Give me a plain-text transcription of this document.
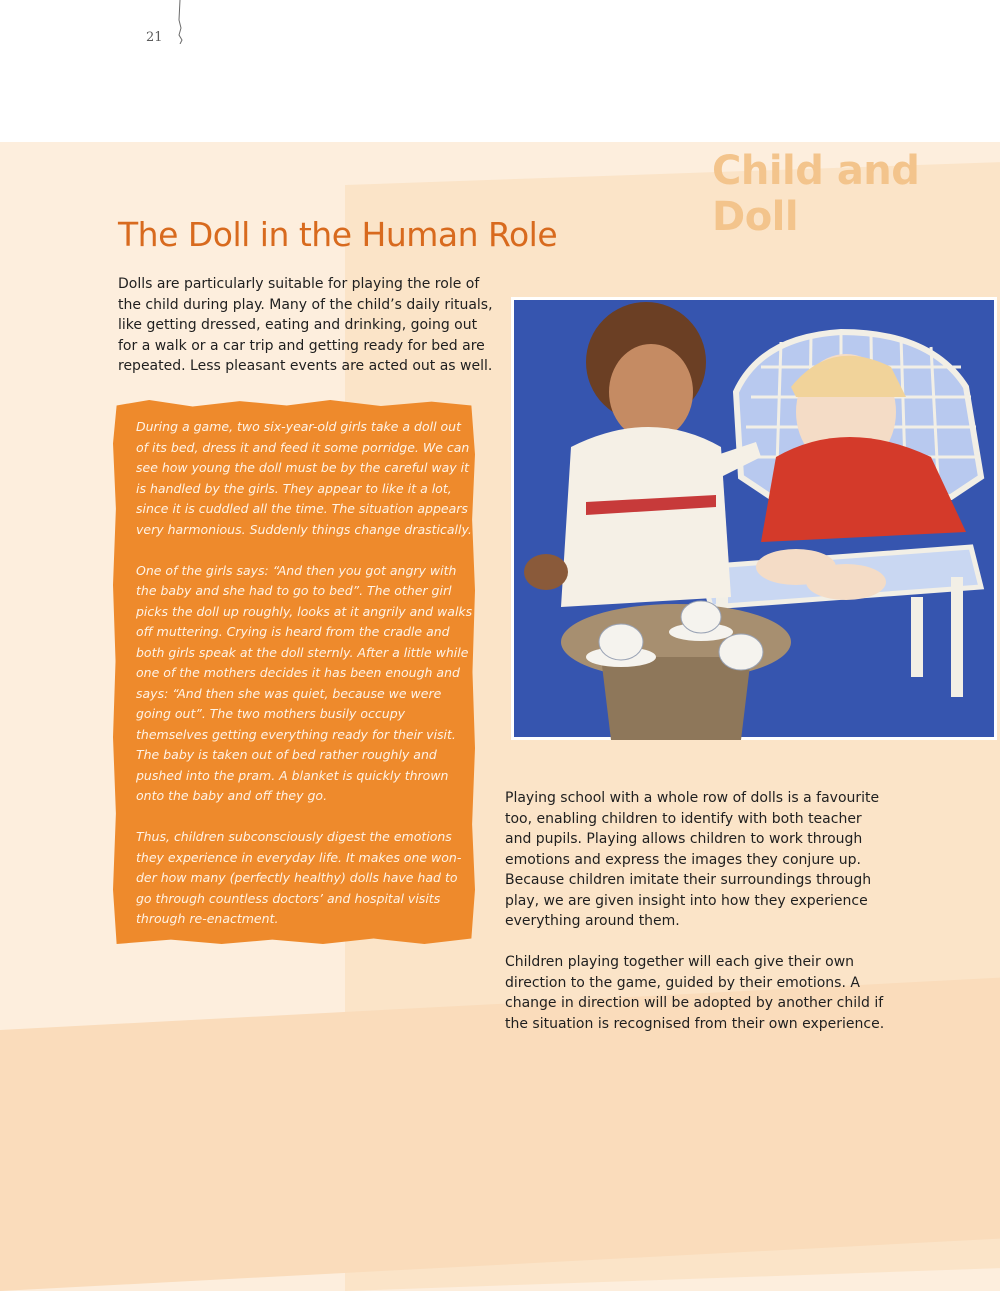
21
Child and Doll
The Doll in the Human Role
Dolls are particularly suitable for playing the role of the child during play. Many of the child’s daily rituals, like getting dressed, eating and drinking, going out for a walk or a car trip and getting ready for bed are repeated. Less pleasant events are acted out as well.

During a game, two six-year-old girls take a doll out of its bed, dress it and feed it some porridge. We can see how young the doll must be by the careful way it is handled by the girls. They appear to like it a lot, since it is cuddled all the time. The situation appears very harmonious. Suddenly things change drastically.

One of the girls says: “And then you got angry with the baby and she had to go to bed”. The other girl picks the doll up roughly, looks at it angrily and walks off muttering. Crying is heard from the cradle and both girls speak at the doll sternly. After a little while one of the mothers decides it has been enough and says: “And then she was quiet, because we were going out”. The two mothers busily occupy themselves getting everything ready for their visit. The baby is taken out of bed rather roughly and pushed into the pram. A blanket is quickly thrown onto the baby and off they go.

Thus, children subconsciously digest the emotions they experience in everyday life. It makes one won-der how many (perfectly healthy) dolls have had to go through countless doctors’ and hospital visits through re-enactment.

Playing school with a whole row of dolls is a favourite too, enabling children to identify with both teacher and pupils. Playing allows children to work through emotions and express the images they conjure up. Because children imitate their surroundings through play, we are given insight into how they experience everything around them.

Children playing together will each give their own direction to the game, guided by their emotions. A change in direction will be adopted by another child if the situation is recognised from their own experience.
